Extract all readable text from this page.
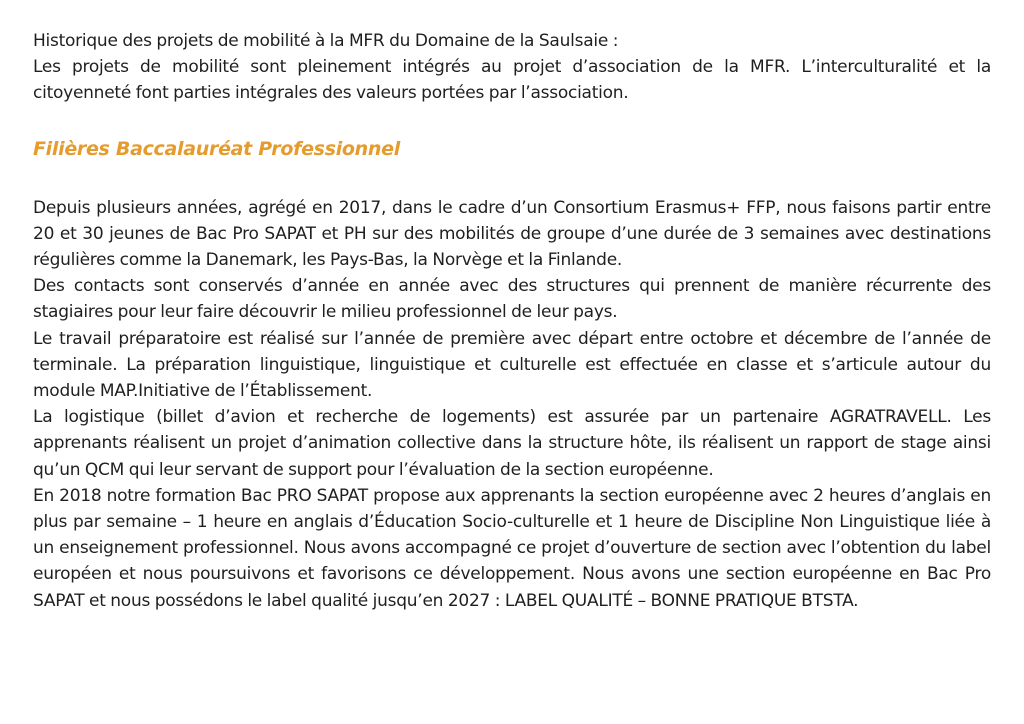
Historique des projets de mobilité à la MFR du Domaine de la Saulsaie :

Les projets de mobilité sont pleinement intégrés au projet d’association de la MFR. L’interculturalité et la citoyenneté font parties intégrales des valeurs portées par l’association.

Filières Baccalauréat Professionnel

Depuis plusieurs années, agrégé en 2017, dans le cadre d’un Consortium Erasmus+ FFP, nous faisons partir entre 20 et 30 jeunes de Bac Pro SAPAT et PH sur des mobilités de groupe d’une durée de 3 semaines avec destinations régulières comme la Danemark, les Pays-Bas, la Norvège et la Finlande.

Des contacts sont conservés d’année en année avec des structures qui prennent de manière récurrente des stagiaires pour leur faire découvrir le milieu professionnel de leur pays.

Le travail préparatoire est réalisé sur l’année de première avec départ entre octobre et décembre de l’année de terminale. La préparation linguistique, linguistique et culturelle est effectuée en classe et s’articule autour du module MAP.Initiative de l’Établissement.

La logistique (billet d’avion et recherche de logements) est assurée par un partenaire AGRATRAVELL. Les apprenants réalisent un projet d’animation collective dans la structure hôte, ils réalisent un rapport de stage ainsi qu’un QCM qui leur servant de support pour l’évaluation de la section européenne.

En 2018 notre formation Bac PRO SAPAT propose aux apprenants la section européenne avec 2 heures d’anglais en plus par semaine – 1 heure en anglais d’Éducation Socio-culturelle et 1 heure de Discipline Non Linguistique liée à un enseignement professionnel. Nous avons accompagné ce projet d’ouverture de section avec l’obtention du label européen et nous poursuivons et favorisons ce développement. Nous avons une section européenne en Bac Pro SAPAT et nous possédons le label qualité jusqu’en 2027 : LABEL QUALITÉ – BONNE PRATIQUE BTSTA.
